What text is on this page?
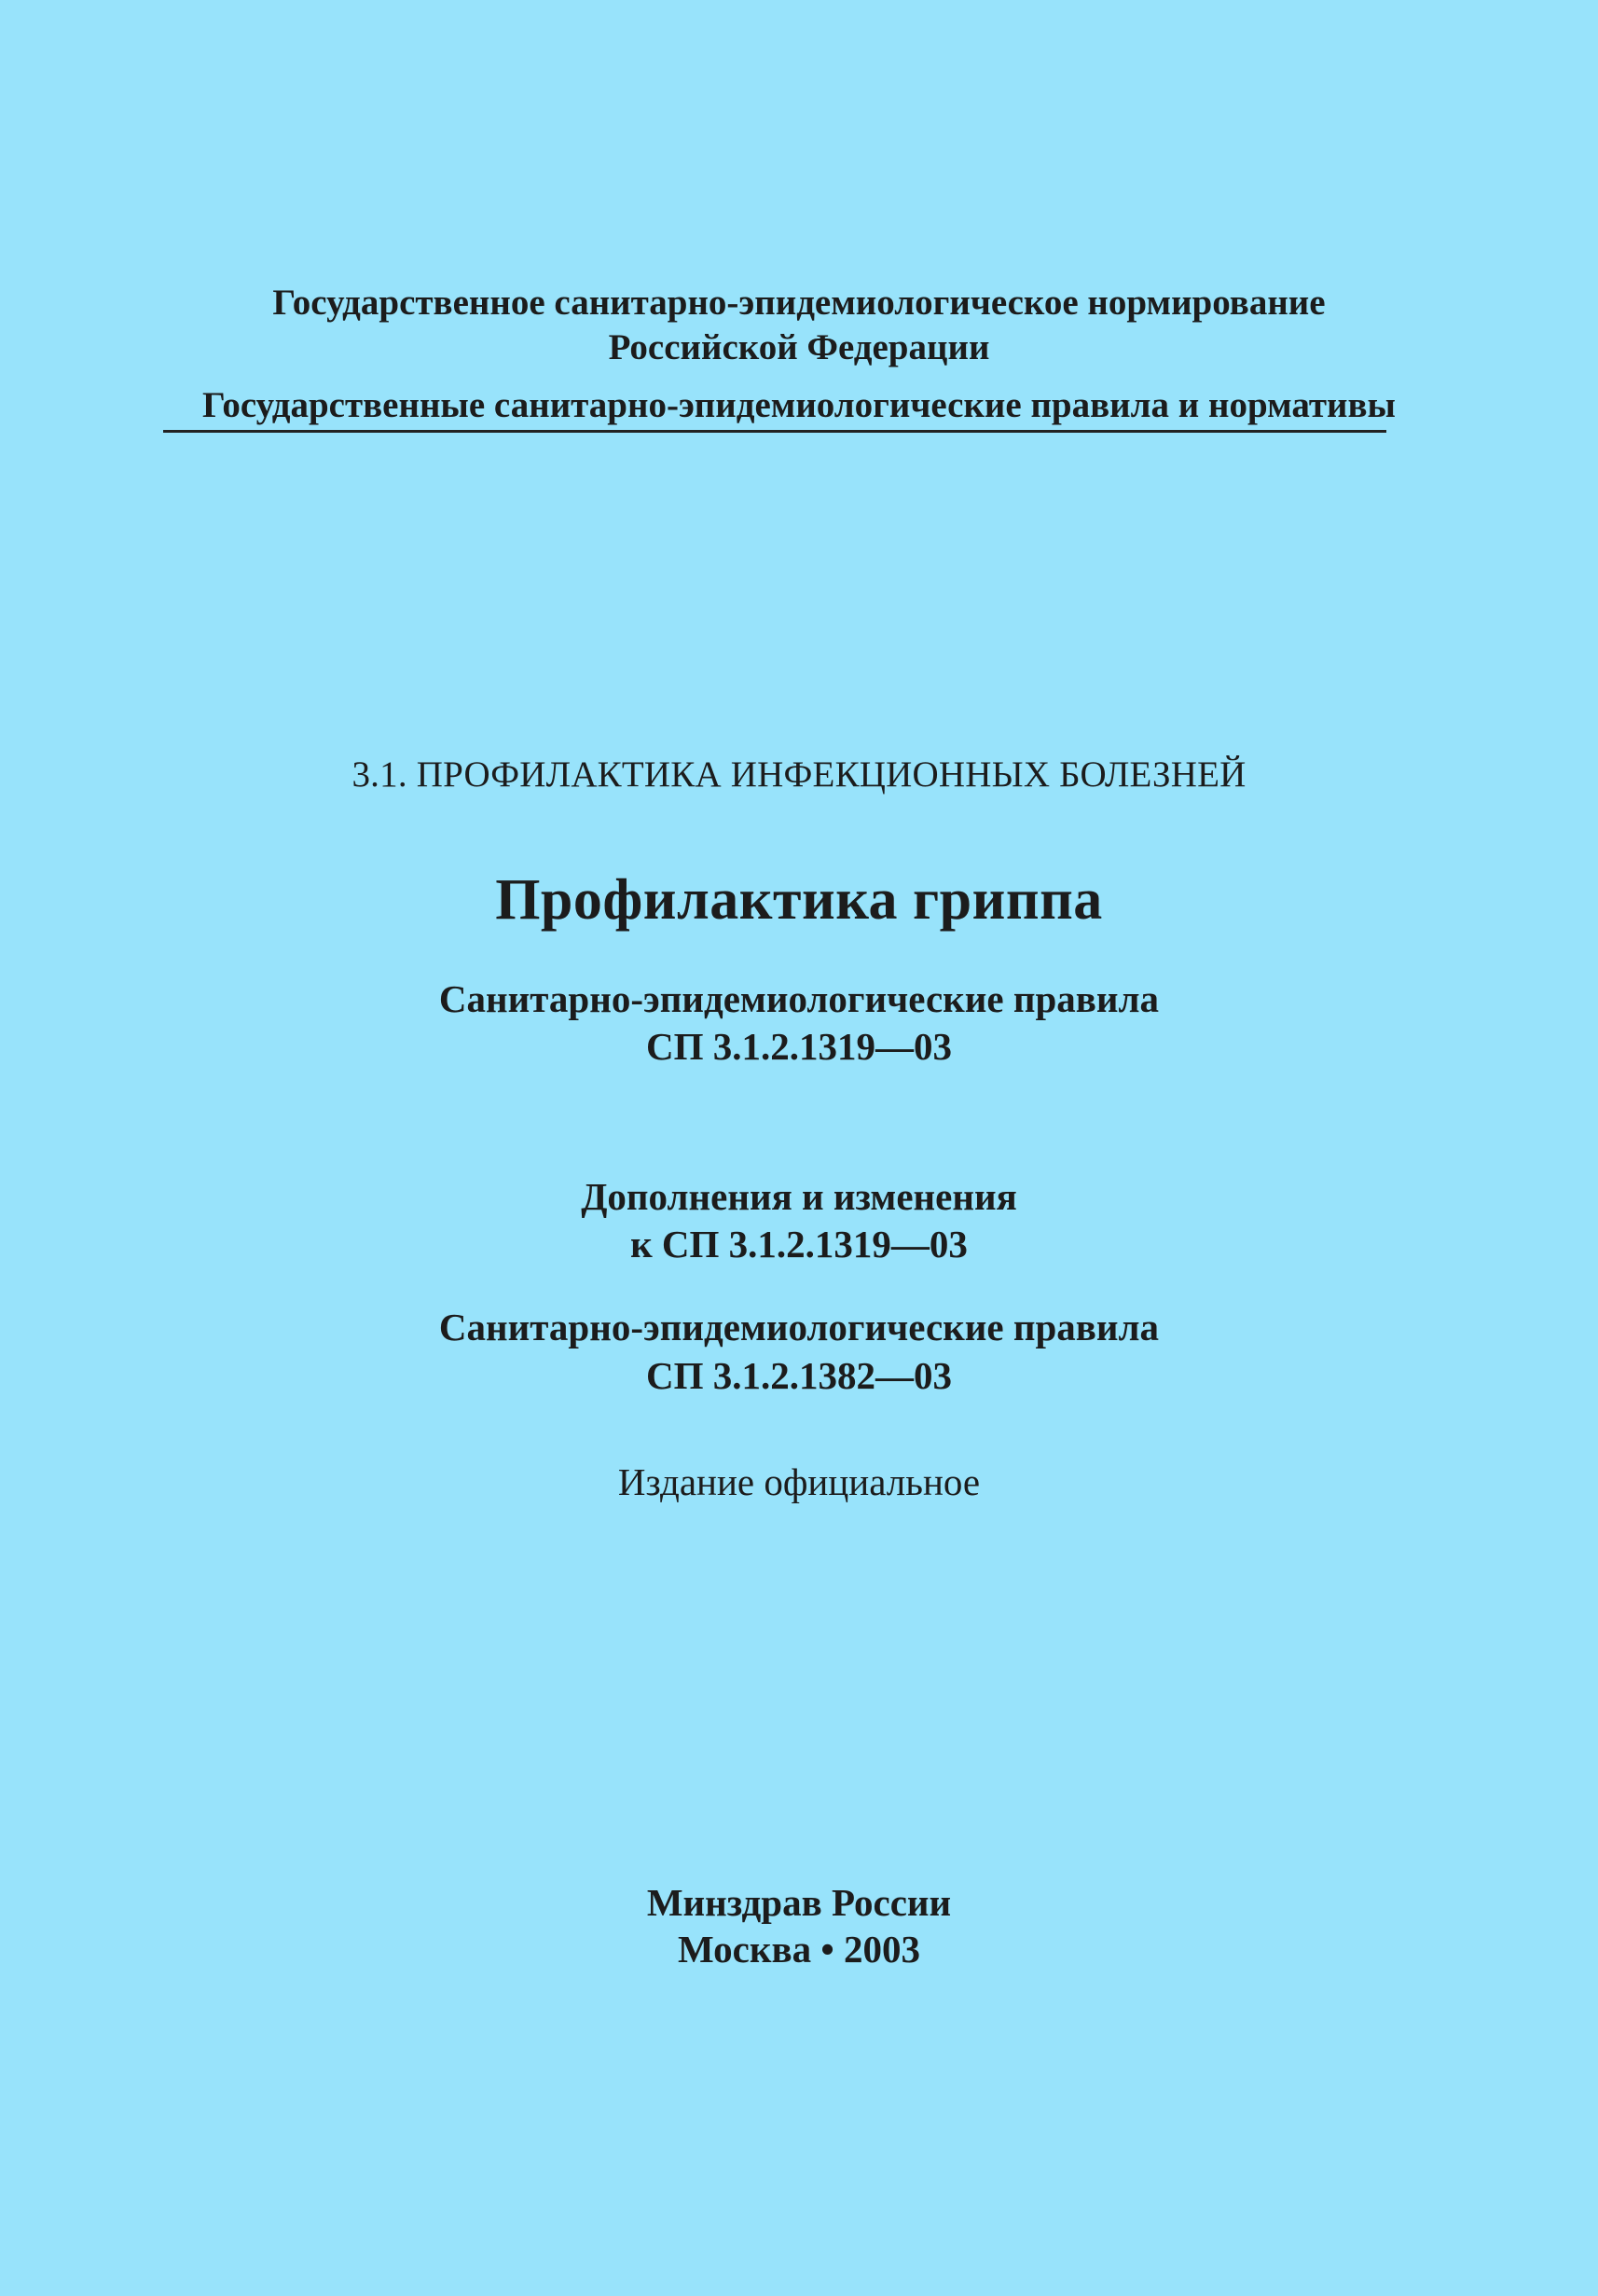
Государственное санитарно-эпидемиологическое нормирование
Российской Федерации
Государственные санитарно-эпидемиологические правила и нормативы
3.1. ПРОФИЛАКТИКА ИНФЕКЦИОННЫХ БОЛЕЗНЕЙ
Профилактика гриппа
Санитарно-эпидемиологические правила
СП 3.1.2.1319—03
Дополнения и изменения
к СП 3.1.2.1319—03
Санитарно-эпидемиологические правила
СП 3.1.2.1382—03
Издание официальное
Минздрав России
Москва • 2003
